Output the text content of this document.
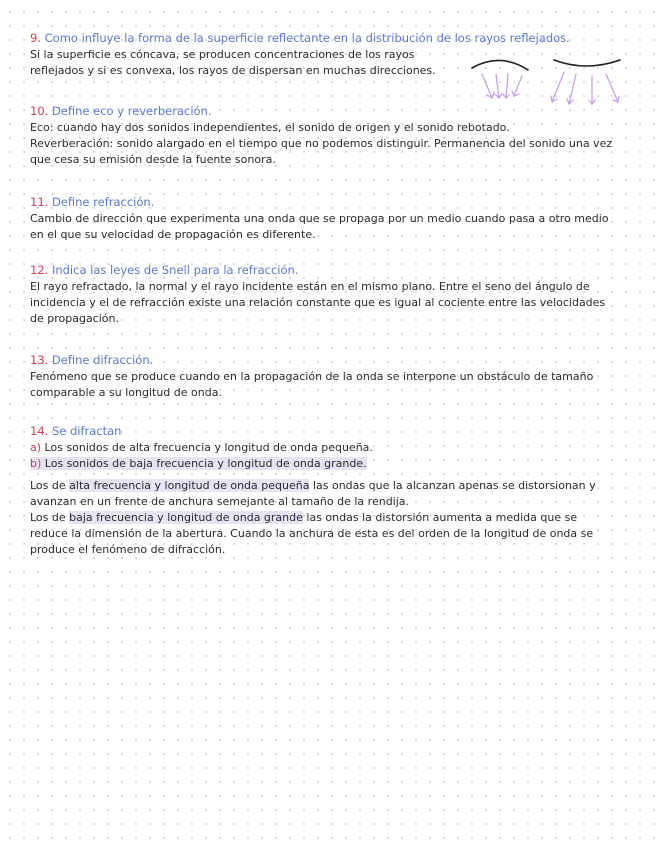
9. Como influye la forma de la superficie reflectante en la distribución de los rayos reflejados.

Si la superficie es cóncava, se producen concentraciones de los rayos
reflejados y si es convexa, los rayos de dispersan en muchas direcciones.

10. Define eco y reverberación.

Eco: cuando hay dos sonidos independientes, el sonido de origen y el sonido rebotado.
Reverberación: sonido alargado en el tiempo que no podemos distinguir. Permanencia del sonido una vez
que cesa su emisión desde la fuente sonora.

11. Define refracción.

Cambio de dirección que experimenta una onda que se propaga por un medio cuando pasa a otro medio
en el que su velocidad de propagación es diferente.

12. Indica las leyes de Snell para la refracción.

El rayo refractado, la normal y el rayo incidente están en el mismo plano. Entre el seno del ángulo de
incidencia y el de refracción existe una relación constante que es igual al cociente entre las velocidades
de propagación.

13. Define difracción.

Fenómeno que se produce cuando en la propagación de la onda se interpone un obstáculo de tamaño
comparable a su longitud de onda.

14. Se difractan

a) Los sonidos de alta frecuencia y longitud de onda pequeña.
b) Los sonidos de baja frecuencia y longitud de onda grande.
Los de alta frecuencia y longitud de onda pequeña las ondas que la alcanzan apenas se distorsionan y
avanzan en un frente de anchura semejante al tamaño de la rendija.
Los de baja frecuencia y longitud de onda grande las ondas la distorsión aumenta a medida que se
reduce la dimensión de la abertura. Cuando la anchura de esta es del orden de la longitud de onda se
produce el fenómeno de difracción.
